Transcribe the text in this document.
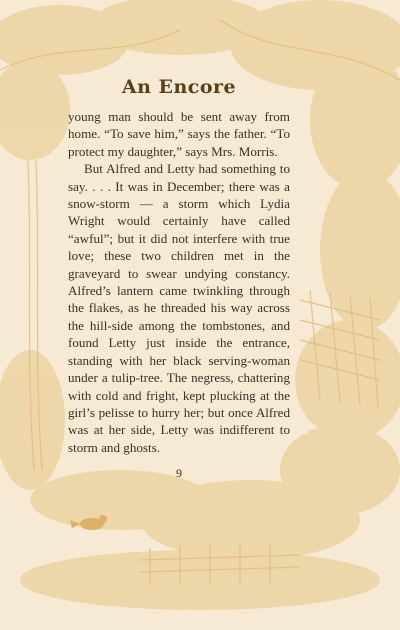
An Encore

young man should be sent away from home. “To save him,” says the father. “To protect my daughter,” says Mrs. Morris.

But Alfred and Letty had something to say. . . . It was in December; there was a snow-storm — a storm which Lydia Wright would certainly have called “awful”; but it did not interfere with true love; these two children met in the graveyard to swear undying constancy. Alfred’s lantern came twinkling through the flakes, as he threaded his way across the hill-side among the tombstones, and found Letty just inside the entrance, standing with her black serving-woman under a tulip-tree. The negress, chattering with cold and fright, kept plucking at the girl’s pelisse to hurry her; but once Alfred was at her side, Letty was indifferent to storm and ghosts.

9
